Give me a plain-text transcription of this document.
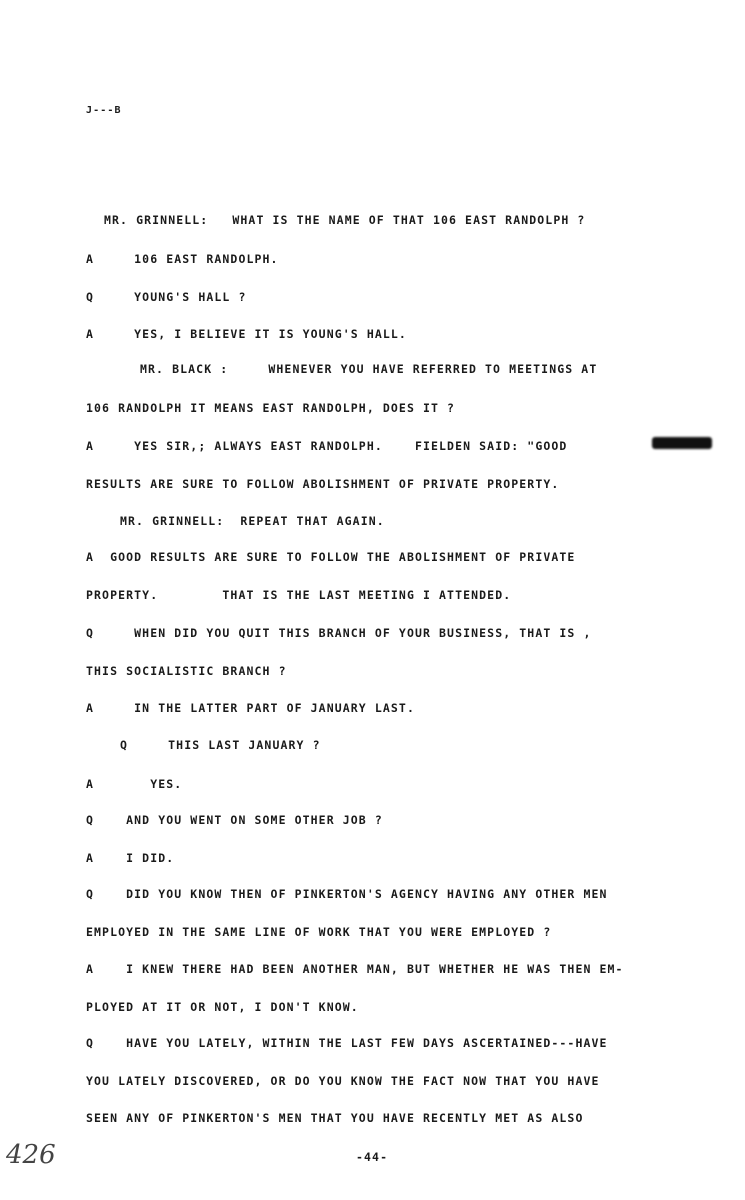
J---B
MR. GRINNELL:   WHAT IS THE NAME OF THAT 106 EAST RANDOLPH ?
A     106 EAST RANDOLPH.
Q     YOUNG'S HALL ?
A     YES, I BELIEVE IT IS YOUNG'S HALL.
MR. BLACK :     WHENEVER YOU HAVE REFERRED TO MEETINGS AT
106 RANDOLPH IT MEANS EAST RANDOLPH, DOES IT ?
A     YES SIR,; ALWAYS EAST RANDOLPH.    FIELDEN SAID: "GOOD
RESULTS ARE SURE TO FOLLOW ABOLISHMENT OF PRIVATE PROPERTY.
MR. GRINNELL:  REPEAT THAT AGAIN.
A  GOOD RESULTS ARE SURE TO FOLLOW THE ABOLISHMENT OF PRIVATE
PROPERTY.        THAT IS THE LAST MEETING I ATTENDED.
Q     WHEN DID YOU QUIT THIS BRANCH OF YOUR BUSINESS, THAT IS ,
THIS SOCIALISTIC BRANCH ?
A     IN THE LATTER PART OF JANUARY LAST.
Q     THIS LAST JANUARY ?
A       YES.
Q    AND YOU WENT ON SOME OTHER JOB ?
A    I DID.
Q    DID YOU KNOW THEN OF PINKERTON'S AGENCY HAVING ANY OTHER MEN
EMPLOYED IN THE SAME LINE OF WORK THAT YOU WERE EMPLOYED ?
A    I KNEW THERE HAD BEEN ANOTHER MAN, BUT WHETHER HE WAS THEN EM-
PLOYED AT IT OR NOT, I DON'T KNOW.
Q    HAVE YOU LATELY, WITHIN THE LAST FEW DAYS ASCERTAINED---HAVE
YOU LATELY DISCOVERED, OR DO YOU KNOW THE FACT NOW THAT YOU HAVE
SEEN ANY OF PINKERTON'S MEN THAT YOU HAVE RECENTLY MET AS ALSO
426	-44-
